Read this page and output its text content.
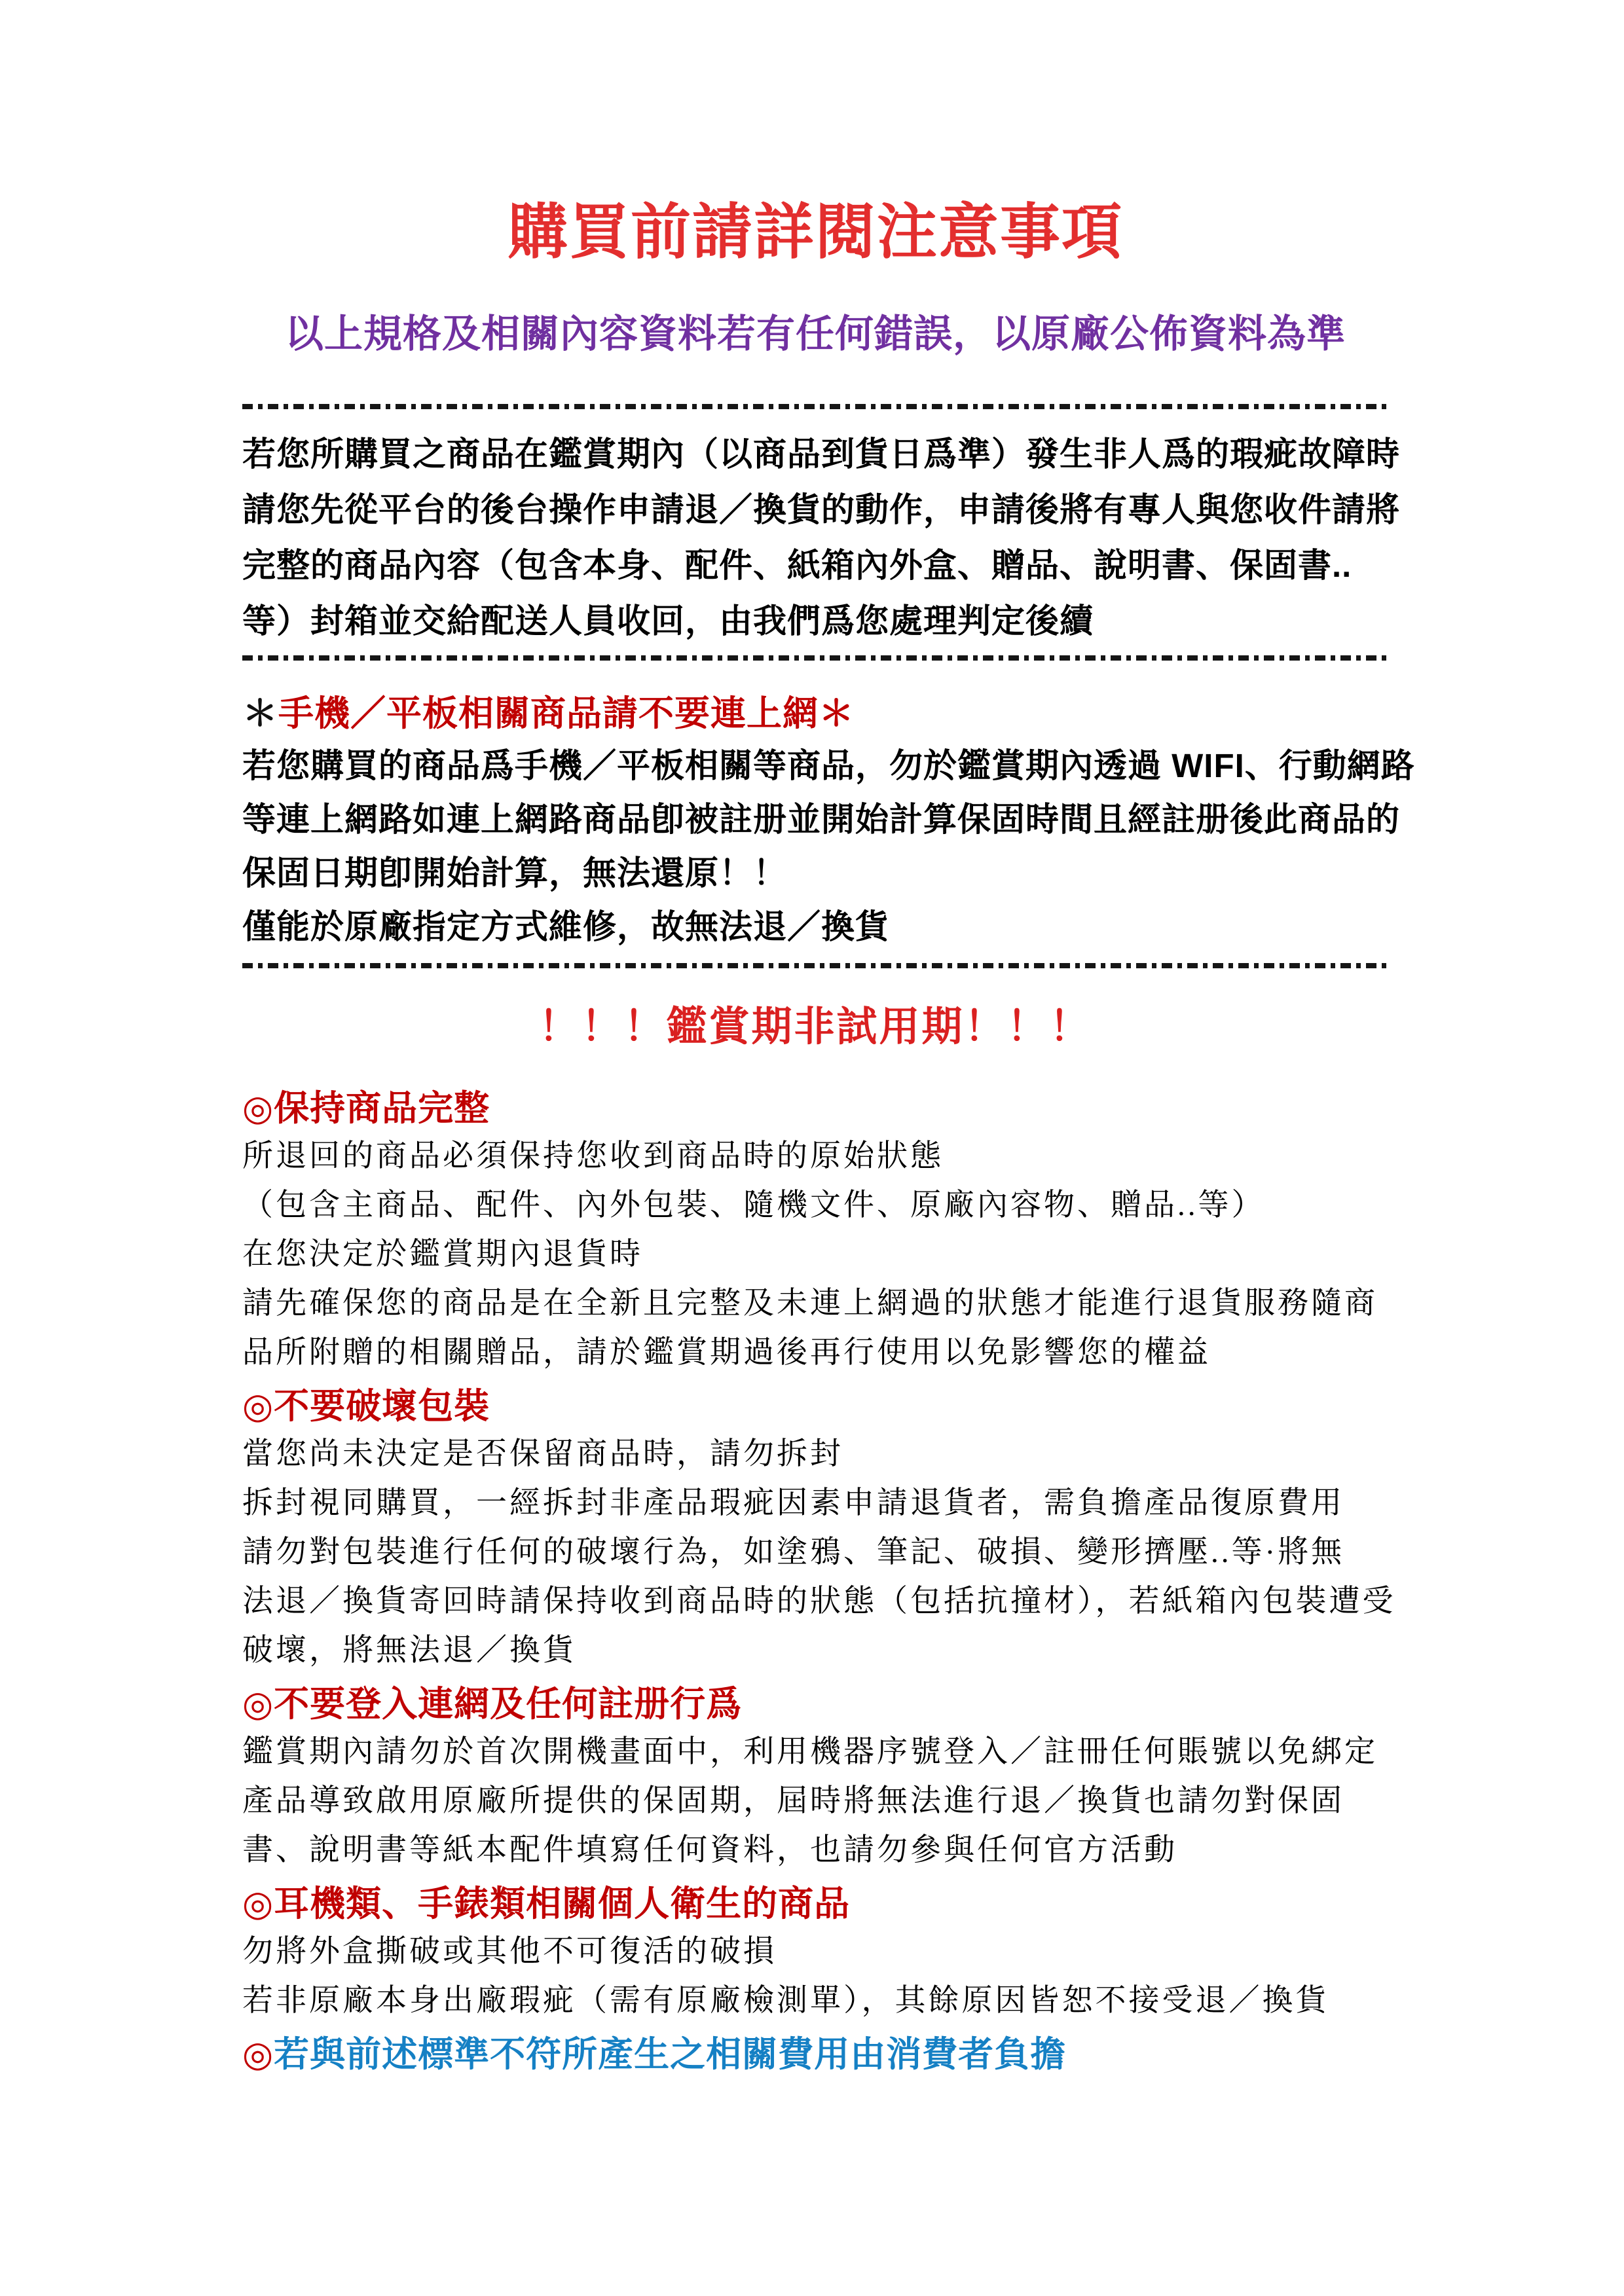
購買前請詳閱注意事項
以上規格及相關內容資料若有任何錯誤，以原廠公佈資料為準
若您所購買之商品在鑑賞期內（以商品到貨日爲準）發生非人爲的瑕疵故障時
請您先從平台的後台操作申請退／換貨的動作，申請後將有專人與您收件請將
完整的商品內容（包含本身、配件、紙箱內外盒、贈品、說明書、保固書..
等）封箱並交給配送人員收回，由我們爲您處理判定後續
＊手機／平板相關商品請不要連上網＊
若您購買的商品爲手機／平板相關等商品，勿於鑑賞期內透過 WIFI、行動網路
等連上網路如連上網路商品卽被註册並開始計算保固時間且經註册後此商品的
保固日期卽開始計算，無法還原！！
僅能於原廠指定方式維修，故無法退／換貨
！！！鑑賞期非試用期！！！
◎保持商品完整
所退回的商品必須保持您收到商品時的原始狀態
（包含主商品、配件、內外包裝、隨機文件、原廠內容物、贈品..等）
在您決定於鑑賞期內退貨時
請先確保您的商品是在全新且完整及未連上網過的狀態才能進行退貨服務隨商
品所附贈的相關贈品，請於鑑賞期過後再行使用以免影響您的權益
◎不要破壞包裝
當您尚未決定是否保留商品時，請勿拆封
拆封視同購買，一經拆封非產品瑕疵因素申請退貨者，需負擔產品復原費用
請勿對包裝進行任何的破壞行為，如塗鴉、筆記、破損、變形擠壓..等·將無
法退／換貨寄回時請保持收到商品時的狀態（包括抗撞材），若紙箱內包裝遭受
破壞，將無法退／換貨
◎不要登入連網及任何註册行爲
鑑賞期內請勿於首次開機畫面中，利用機器序號登入／註冊任何賬號以免綁定
產品導致啟用原廠所提供的保固期，屆時將無法進行退／換貨也請勿對保固
書、說明書等紙本配件填寫任何資料，也請勿參與任何官方活動
◎耳機類、手錶類相關個人衛生的商品
勿將外盒撕破或其他不可復活的破損
若非原廠本身出廠瑕疵（需有原廠檢測單），其餘原因皆恕不接受退／換貨
◎若與前述標準不符所產生之相關費用由消費者負擔
